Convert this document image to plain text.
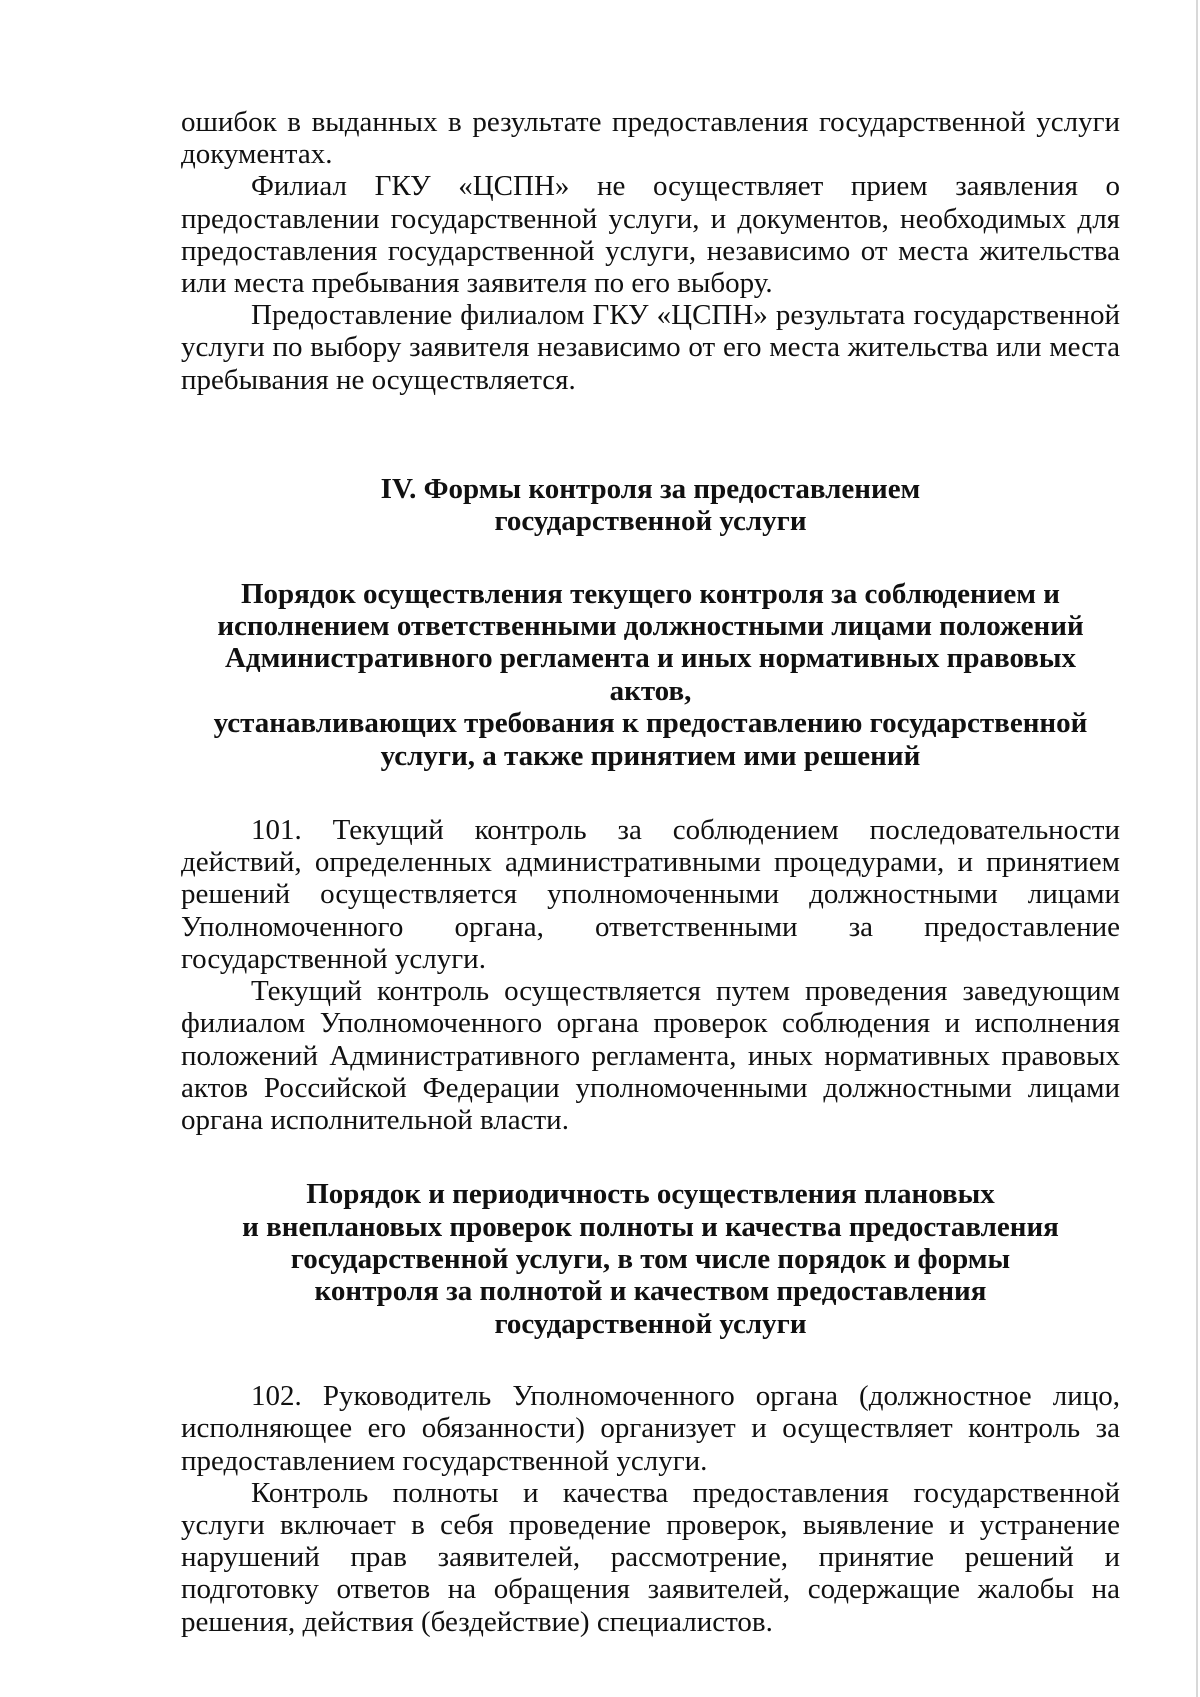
ошибок в выданных в результате предоставления государственной услуги документах.

Филиал ГКУ «ЦСПН» не осуществляет прием заявления о предоставлении государственной услуги, и документов, необходимых для предоставления государственной услуги, независимо от места жительства или места пребывания заявителя по его выбору.

Предоставление филиалом ГКУ «ЦСПН» результата государственной услуги по выбору заявителя независимо от его места жительства или места пребывания не осуществляется.

IV. Формы контроля за предоставлением
государственной услуги
Порядок осуществления текущего контроля за соблюдением и
исполнением ответственными должностными лицами положений
Административного регламента и иных нормативных правовых актов,
устанавливающих требования к предоставлению государственной
услуги, а также принятием ими решений

101. Текущий контроль за соблюдением последовательности действий, определенных административными процедурами, и принятием решений осуществляется уполномоченными должностными лицами Уполномоченного органа, ответственными за предоставление государственной услуги.

Текущий контроль осуществляется путем проведения заведующим филиалом Уполномоченного органа проверок соблюдения и исполнения положений Административного регламента, иных нормативных правовых актов Российской Федерации уполномоченными должностными лицами органа исполнительной власти.

Порядок и периодичность осуществления плановых
и внеплановых проверок полноты и качества предоставления
государственной услуги, в том числе порядок и формы
контроля за полнотой и качеством предоставления
государственной услуги

102. Руководитель Уполномоченного органа (должностное лицо, исполняющее его обязанности) организует и осуществляет контроль за предоставлением государственной услуги.

Контроль полноты и качества предоставления государственной услуги включает в себя проведение проверок, выявление и устранение нарушений прав заявителей, рассмотрение, принятие решений и подготовку ответов на обращения заявителей, содержащие жалобы на решения, действия (бездействие) специалистов.
